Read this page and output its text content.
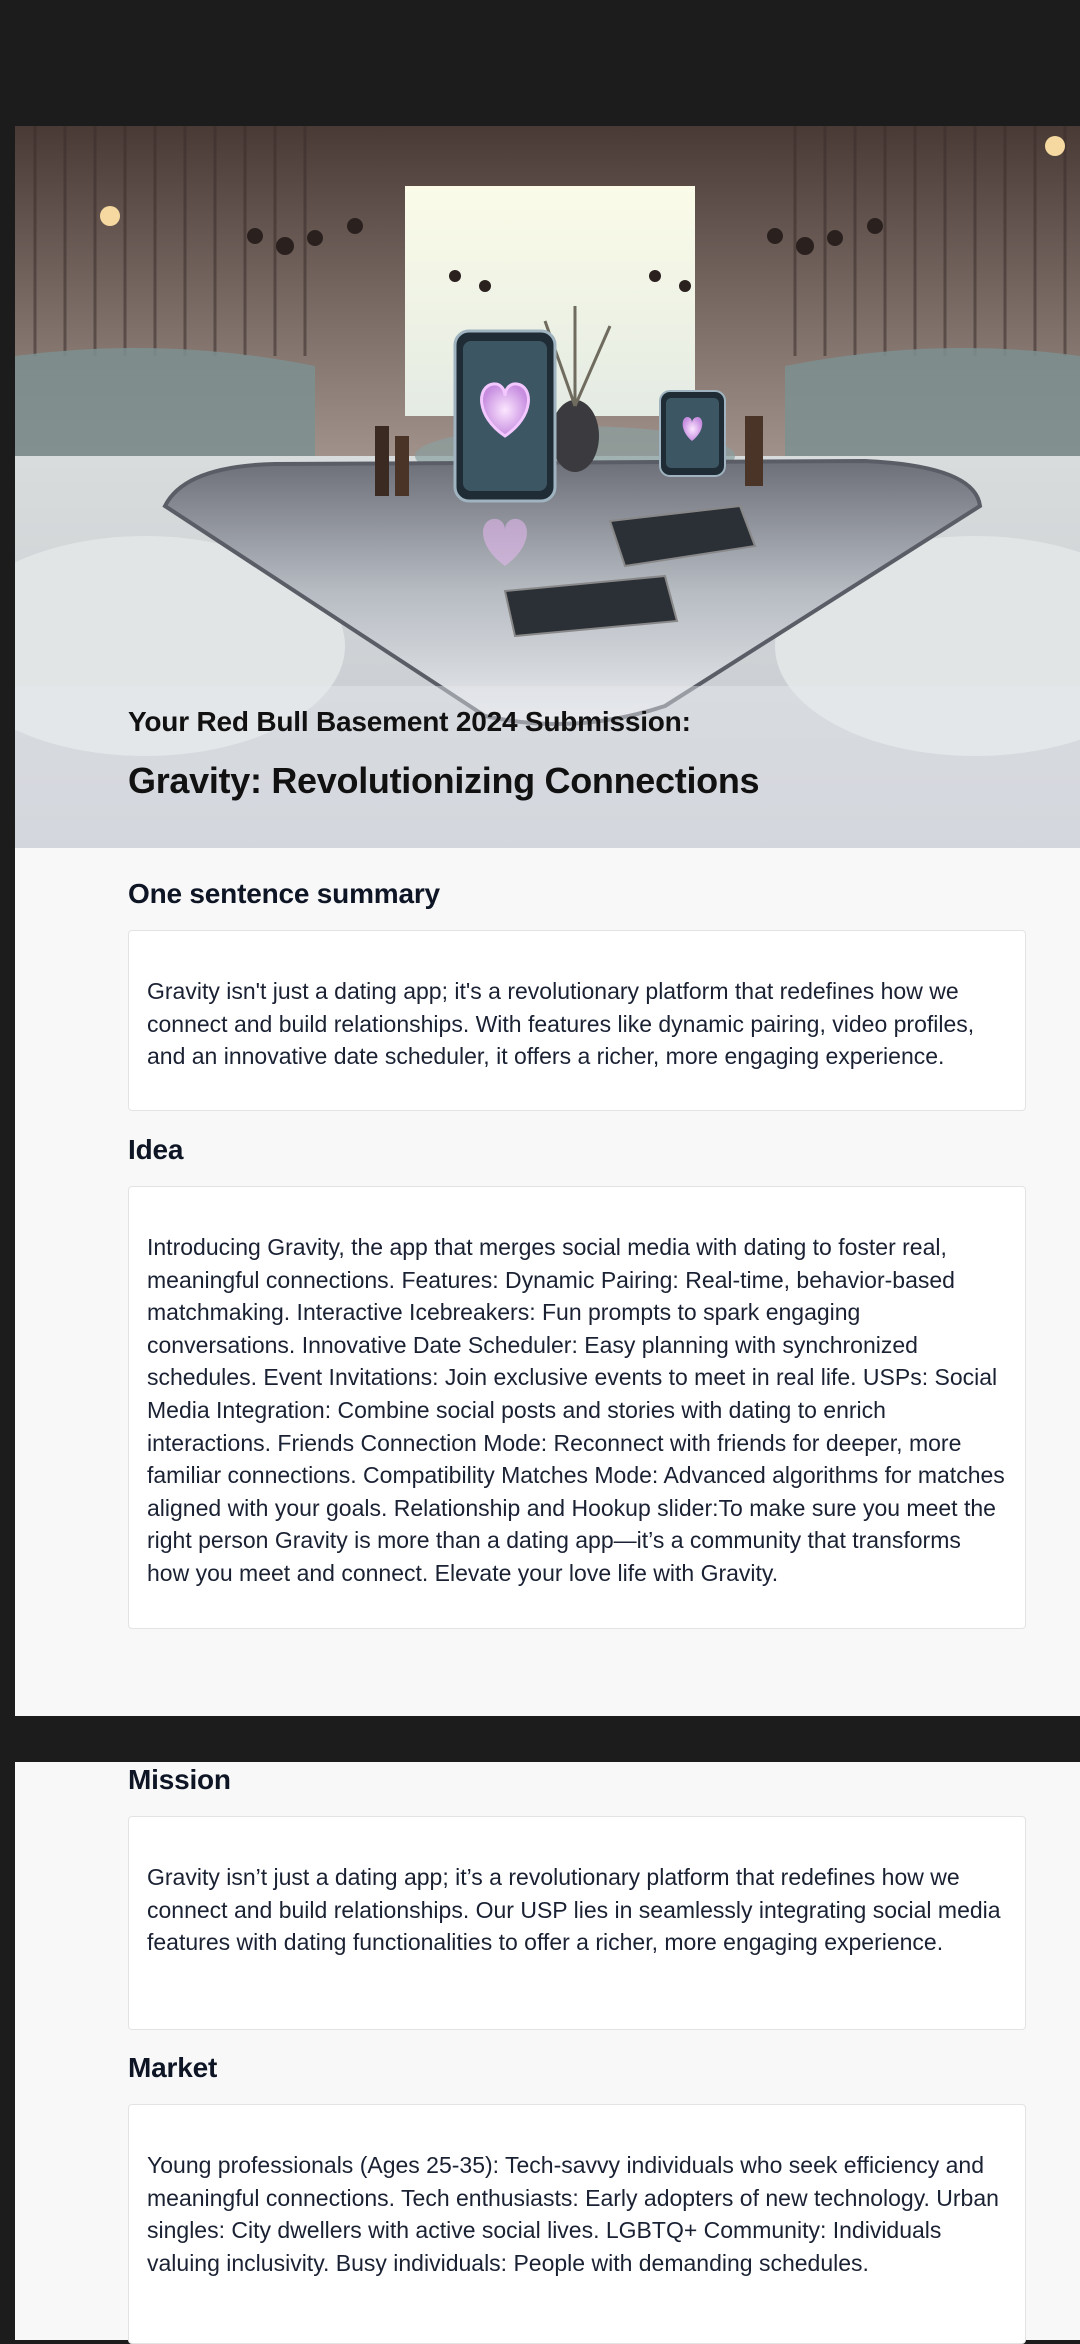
Your Red Bull Basement 2024 Submission:

Gravity: Revolutionizing Connections
One sentence summary
Gravity isn't just a dating app; it's a revolutionary platform that redefines how we connect and build relationships. With features like dynamic pairing, video profiles, and an innovative date scheduler, it offers a richer, more engaging experience.
Idea
Introducing Gravity, the app that merges social media with dating to foster real, meaningful connections. Features: Dynamic Pairing: Real-time, behavior-based matchmaking. Interactive Icebreakers: Fun prompts to spark engaging conversations. Innovative Date Scheduler: Easy planning with synchronized schedules. Event Invitations: Join exclusive events to meet in real life. USPs: Social Media Integration: Combine social posts and stories with dating to enrich interactions. Friends Connection Mode: Reconnect with friends for deeper, more familiar connections. Compatibility Matches Mode: Advanced algorithms for matches aligned with your goals. Relationship and Hookup slider:To make sure you meet the right person Gravity is more than a dating app—it’s a community that transforms how you meet and connect. Elevate your love life with Gravity.
Mission
Gravity isn’t just a dating app; it’s a revolutionary platform that redefines how we connect and build relationships. Our USP lies in seamlessly integrating social media features with dating functionalities to offer a richer, more engaging experience.
Market
Young professionals (Ages 25-35): Tech-savvy individuals who seek efficiency and meaningful connections. Tech enthusiasts: Early adopters of new technology. Urban singles: City dwellers with active social lives. LGBTQ+ Community: Individuals valuing inclusivity. Busy individuals: People with demanding schedules.
